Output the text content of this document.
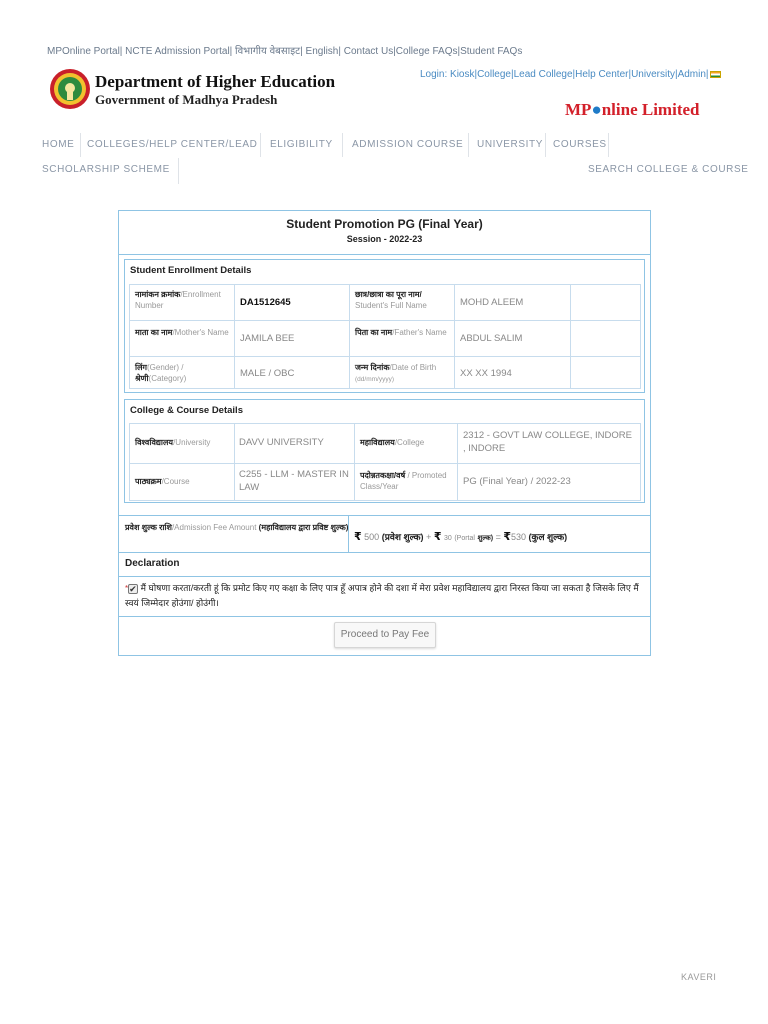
MPOnline Portal| NCTE Admission Portal| विभागीय वेबसाइट| English| Contact Us|College FAQs|Student FAQs
Department of Higher Education
Government of Madhya Pradesh
Login: Kiosk|College|Lead College|Help Center|University|Admin|
MP●nline Limited
HOME COLLEGES/HELP CENTER/LEAD ELIGIBILITY ADMISSION COURSE UNIVERSITY COURSES
SCHOLARSHIP SCHEME	SEARCH COLLEGE & COURSE
Student Promotion PG (Final Year)
Session - 2022-23
Student Enrollment Details
नामांकन क्रमांक/Enrollment Number	DA1512645
छात्र/छात्रा का पूरा नाम/
Student's Full Name	MOHD ALEEM
माता का नाम/Mother's Name
JAMILA BEE
पिता का नाम/Father's Name
ABDUL SALIM
लिंग(Gender) /
श्रेणी(Category)	MALE / OBC
जन्म दिनांक/Date of Birth
(dd/mm/yyyy)
XX XX 1994
College & Course Details
विश्वविद्यालय/University	DAVV UNIVERSITY	महाविद्यालय/College
2312 - GOVT LAW COLLEGE, INDORE , INDORE
पाठ्यक्रम/Course
C255 - LLM - MASTER IN LAW
पदोन्नतकक्षा/वर्ष / Promoted Class/Year	PG (Final Year) / 2022-23
प्रवेश शुल्क राशि/Admission Fee Amount (महाविद्यालय द्वारा प्रविष्ट शुल्क)
₹ 500 (प्रवेश शुल्क) + ₹ 30 (Portal शुल्क) = ₹530 (कुल शुल्क)
Declaration
*✔ मैं घोषणा करता/करती हूं कि प्रमोट किए गए कक्षा के लिए पात्र हूँ अपात्र होने की दशा में मेरा प्रवेश महाविद्यालय द्वारा निरस्त किया जा सकता है जिसके लिए मैं स्वयं जिम्मेदार होउंगा/ होउंगी।
Proceed to Pay Fee
KAVERI
